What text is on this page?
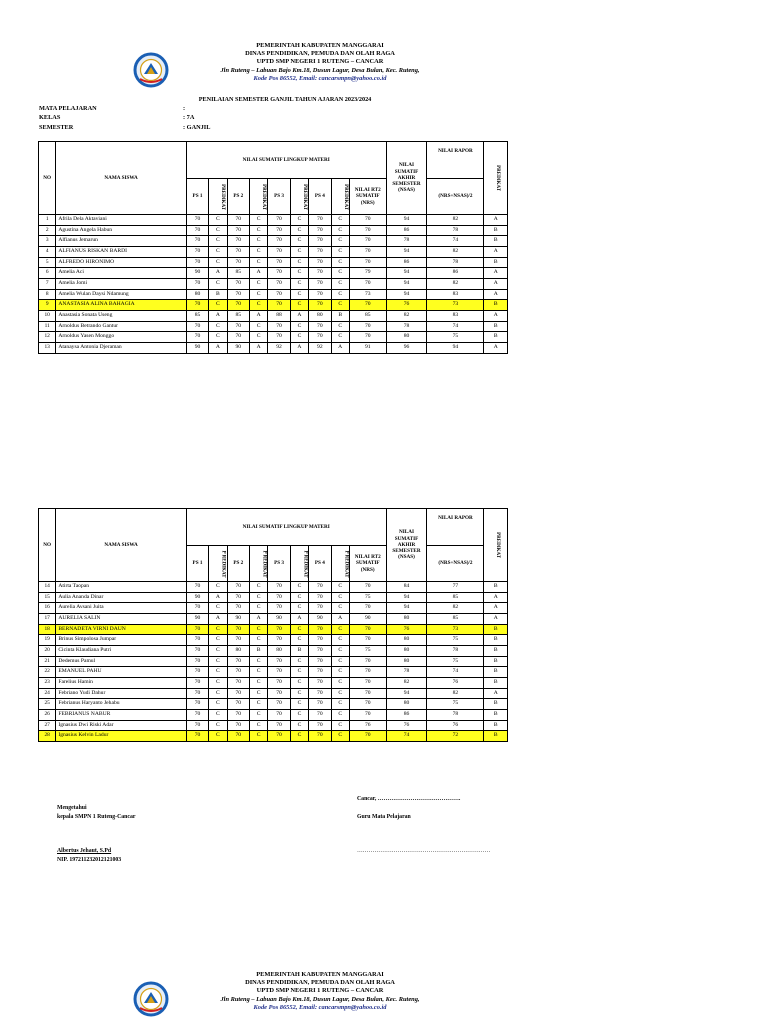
PEMERINTAH KABUPATEN MANGGARAI
DINAS PENDIDIKAN, PEMUDA DAN OLAH RAGA
UPTD SMP NEGERI 1 RUTENG – CANCAR
Jln Ruteng – Labuan Bajo Km.18, Dusun Lagur, Desa Bulan, Kec. Ruteng,
Kode Pos 86552, Email: cancarsmpn@yahoo.co.id
PENILAIAN SEMESTER GANJIL TAHUN AJARAN 2023/2024
MATA PELAJARAN	:
KELAS	: 7A
SEMESTER	: GANJIL
NO	NAMA SISWA	NILAI SUMATIF LINGKUP MATERI									NILAI SUMATIF AKHIR SEMESTER (NSAS)	NILAI RAPOR	PREDIKAT
		PS 1	PREDIKAT	PS 2	PREDIKAT	PS 3	PREDIKAT	PS 4	PREDIKAT	NILAI RT2 SUMATIF (NRS)		(NRS+NSAS)/2	
1	Afrila Dela Aktaviani	70	C	70	C	70	C	70	C	70	94	82	A
2	Agustina Angela Habun	70	C	70	C	70	C	70	C	70	86	78	B
3	Alfianus Jemarun	70	C	70	C	70	C	70	C	70	78	74	B
4	ALFIANUS RISKAN BARDI	70	C	70	C	70	C	70	C	70	94	82	A
5	ALFREDO HIRONIMO	70	C	70	C	70	C	70	C	70	86	78	B
6	Amelia Aci	90	A	85	A	70	C	70	C	79	94	86	A
7	Amelia Jomi	70	C	70	C	70	C	70	C	70	94	82	A
8	Amelia Wulan Daysi Ndamung	80	B	70	C	70	C	70	C	73	94	83	A
9	ANASTASIA ALINA BAHAGIA	70	C	70	C	70	C	70	C	70	76	73	B
10	Anastasia Sonata Useng	85	A	85	A	88	A	80	B	85	82	83	A
11	Arnoldus Betrando Gantur	70	C	70	C	70	C	70	C	70	78	74	B
12	Arnoldus Yasen Monggo	70	C	70	C	70	C	70	C	70	80	75	B
13	Atanaysa Antonia Djeraman	90	A	90	A	92	A	92	A	91	96	94	A
NO	NAMA SISWA	NILAI SUMATIF LINGKUP MATERI									NILAI SUMATIF AKHIR SEMESTER (NSAS)	NILAI RAPOR	PREDIKAT
		PS 1	P REDIKAT	PS 2	P REDIKAT	PS 3	P REDIKAT	PS 4	P REDIKAT	NILAI RT2 SUMATIF (NRS)		(NRS+NSAS)/2	
14	Atirta Taopan	70	C	70	C	70	C	70	C	70	84	77	B
15	Aulia Ananda Dinar	90	A	70	C	70	C	70	C	75	94	85	A
16	Aurelia Avsani Juita	70	C	70	C	70	C	70	C	70	94	82	A
17	AURELIA SALIN	90	A	90	A	90	A	90	A	90	80	85	A
18	BERNADETA VIRNI DAUN	70	C	70	C	70	C	70	C	70	76	73	B
19	Brinus Simpolosa Jumpar	70	C	70	C	70	C	70	C	70	80	75	B
20	Cicinta Klaudiana Putri	70	C	80	B	80	B	70	C	75	80	78	B
21	Dedemus Pamul	70	C	70	C	70	C	70	C	70	80	75	B
22	EMANUEL PAHU	70	C	70	C	70	C	70	C	70	78	74	B
23	Farelius Hamin	70	C	70	C	70	C	70	C	70	82	76	B
24	Febriano Yudi Dahur	70	C	70	C	70	C	70	C	70	94	82	A
25	Febrianus Haryanto Jehabu	70	C	70	C	70	C	70	C	70	80	75	B
26	FEBRIANUS NABUR	70	C	70	C	70	C	70	C	70	86	78	B
27	Ignasius Dwi Riski Adar	70	C	70	C	70	C	70	C	76	76	76	B
28	Ignasius Kelvin Ladur	70	C	70	C	70	C	70	C	70	74	72	B
Cancar, …………………………………….
Mengetahui
kepala SMPN 1 Ruteng-Cancar	Guru Mata Pelajaran
Albertus Jehaut, S.Pd
NIP. 197211232012121003
……………………………………………………………
PEMERINTAH KABUPATEN MANGGARAI
DINAS PENDIDIKAN, PEMUDA DAN OLAH RAGA
UPTD SMP NEGERI 1 RUTENG – CANCAR
Jln Ruteng – Labuan Bajo Km.18, Dusun Lagur, Desa Bulan, Kec. Ruteng,
Kode Pos 86552, Email: cancarsmpn@yahoo.co.id
